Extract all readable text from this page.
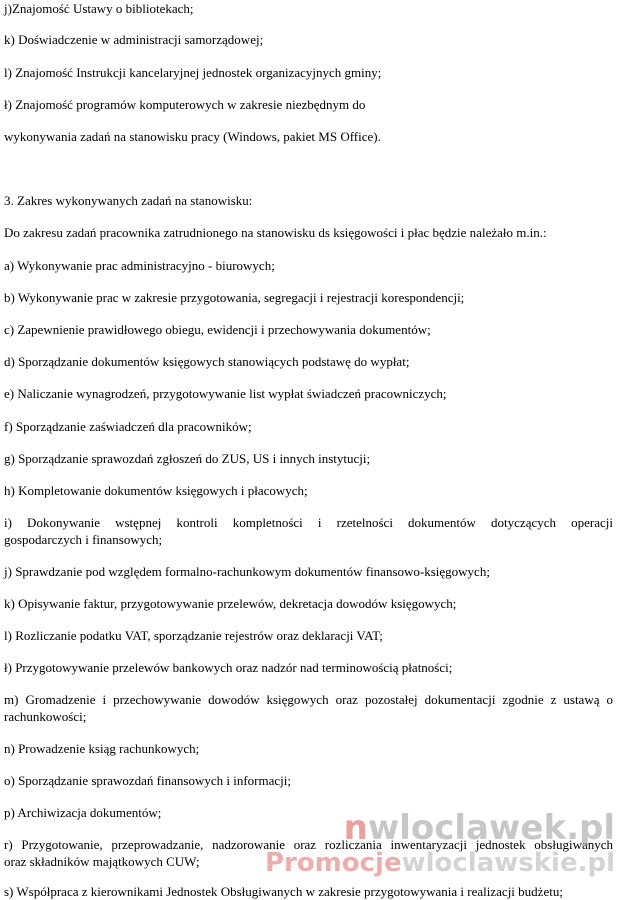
j)Znajomość Ustawy o bibliotekach;
k) Doświadczenie w administracji samorządowej;
l) Znajomość Instrukcji kancelaryjnej jednostek organizacyjnych gminy;
ł) Znajomość programów komputerowych w zakresie niezbędnym do
wykonywania zadań na stanowisku pracy (Windows, pakiet MS Office).
3. Zakres wykonywanych zadań na stanowisku:
Do zakresu zadań pracownika zatrudnionego na stanowisku ds księgowości i płac będzie należało m.in.:
a) Wykonywanie prac administracyjno - biurowych;
b) Wykonywanie prac w zakresie przygotowania, segregacji i rejestracji korespondencji;
c) Zapewnienie prawidłowego obiegu, ewidencji i przechowywania dokumentów;
d) Sporządzanie dokumentów księgowych stanowiących podstawę do wypłat;
e) Naliczanie wynagrodzeń, przygotowywanie list wypłat świadczeń pracowniczych;
f) Sporządzanie zaświadczeń dla pracowników;
g) Sporządzanie sprawozdań zgłoszeń do ZUS, US i innych instytucji;
h) Kompletowanie dokumentów księgowych i płacowych;
i) Dokonywanie wstępnej kontroli kompletności i rzetelności dokumentów dotyczących operacji
gospodarczych i finansowych;
j) Sprawdzanie pod względem formalno-rachunkowym dokumentów finansowo-księgowych;
k) Opisywanie faktur, przygotowywanie przelewów, dekretacja dowodów księgowych;
l) Rozliczanie podatku VAT, sporządzanie rejestrów oraz deklaracji VAT;
ł) Przygotowywanie przelewów bankowych oraz nadzór nad terminowością płatności;
m) Gromadzenie i przechowywanie dowodów księgowych oraz pozostałej dokumentacji zgodnie z ustawą o
rachunkowości;
n) Prowadzenie ksiąg rachunkowych;
o) Sporządzanie sprawozdań finansowych i informacji;
p) Archiwizacja dokumentów;
r) Przygotowanie, przeprowadzanie, nadzorowanie oraz rozliczania inwentaryzacji jednostek obsługiwanych
oraz składników majątkowych CUW;
s) Współpraca z kierownikami Jednostek Obsługiwanych w zakresie przygotowywania i realizacji budżetu;
nwloclawek.pl
Promocjewloclawskie.pl
